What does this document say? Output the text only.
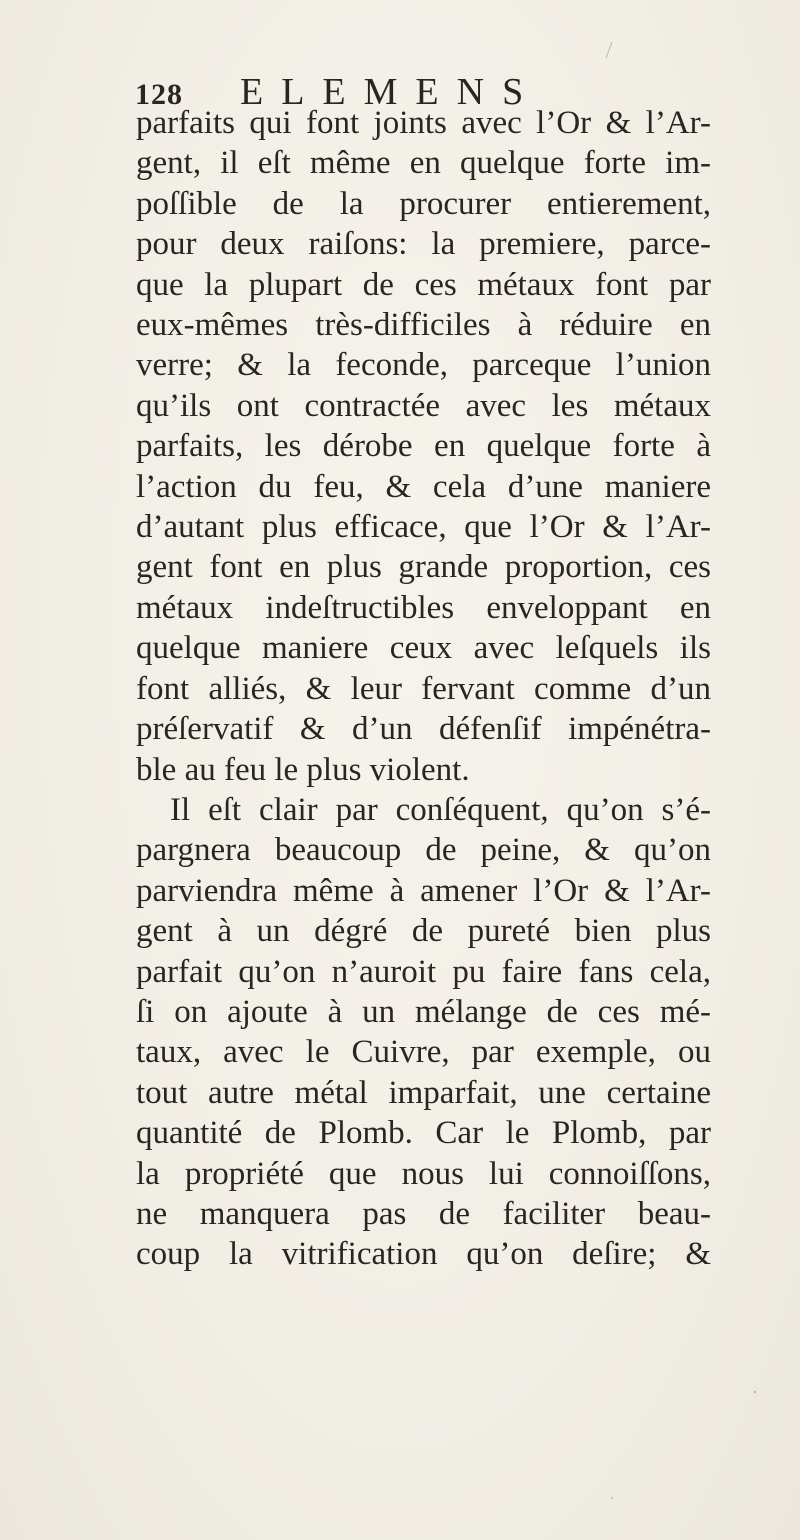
128 ELEMENS
parfaits qui font joints avec l’Or & l’Ar-
gent, il eſt même en quelque forte im-
poſſible de la procurer entierement,
pour deux raiſons: la premiere, parce-
que la plupart de ces métaux font par
eux-mêmes très-difficiles à réduire en
verre; & la feconde, parceque l’union
qu’ils ont contractée avec les métaux
parfaits, les dérobe en quelque forte à
l’action du feu, & cela d’une maniere
d’autant plus efficace, que l’Or & l’Ar-
gent font en plus grande proportion, ces
métaux indeſtructibles enveloppant en
quelque maniere ceux avec leſquels ils
font alliés, & leur fervant comme d’un
préſervatif & d’un défenſif impénétra-
ble au feu le plus violent.
Il eſt clair par conſéquent, qu’on s’é-
pargnera beaucoup de peine, & qu’on
parviendra même à amener l’Or & l’Ar-
gent à un dégré de pureté bien plus
parfait qu’on n’auroit pu faire fans cela,
ſi on ajoute à un mélange de ces mé-
taux, avec le Cuivre, par exemple, ou
tout autre métal imparfait, une certaine
quantité de Plomb. Car le Plomb, par
la propriété que nous lui connoiſſons,
ne manquera pas de faciliter beau-
coup la vitrification qu’on deſire; &
